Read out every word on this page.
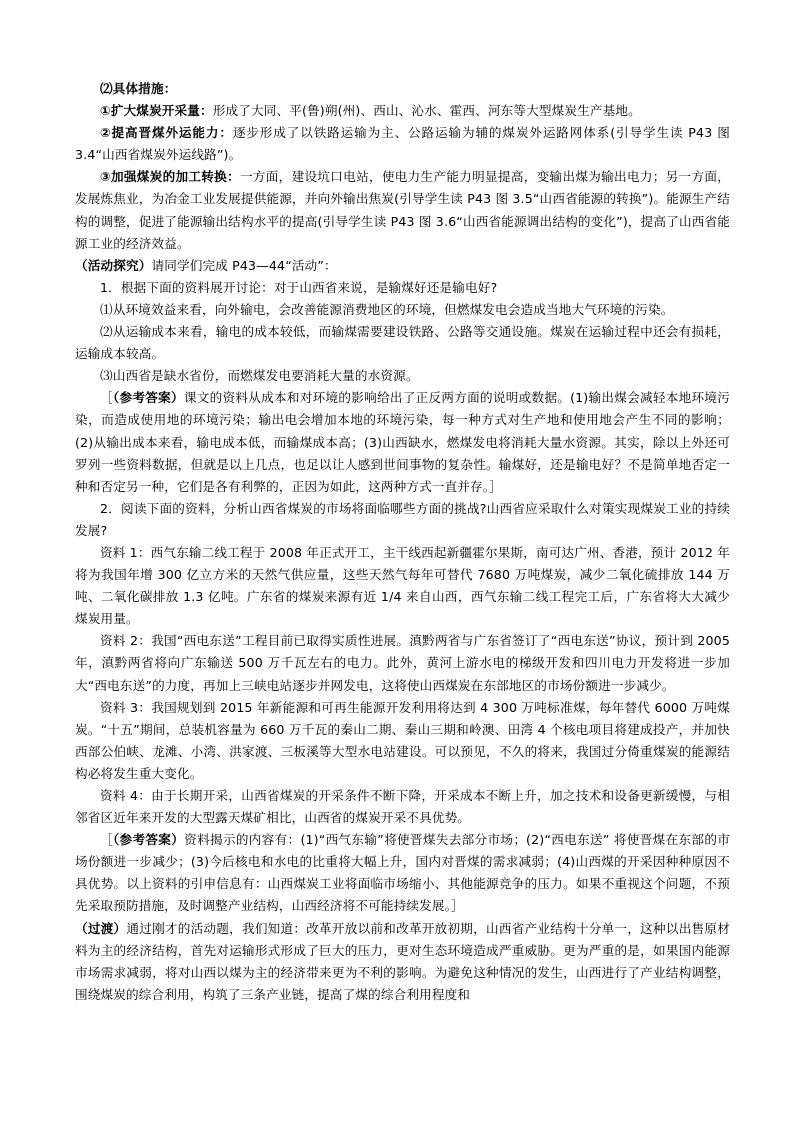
⑵具体措施：

①扩大煤炭开采量：形成了大同、平(鲁)朔(州)、西山、沁水、霍西、河东等大型煤炭生产基地。

②提高晋煤外运能力：逐步形成了以铁路运输为主、公路运输为辅的煤炭外运路网体系(引导学生读 P43 图 3.4“山西省煤炭外运线路”)。

③加强煤炭的加工转换：一方面，建设坑口电站，使电力生产能力明显提高，变输出煤为输出电力；另一方面，发展炼焦业，为冶金工业发展提供能源，并向外输出焦炭(引导学生读 P43 图 3.5“山西省能源的转换”)。能源生产结构的调整，促进了能源输出结构水平的提高(引导学生读 P43 图 3.6“山西省能源调出结构的变化”)，提高了山西省能源工业的经济效益。

（活动探究）请同学们完成 P43—44“活动”：

1．根据下面的资料展开讨论：对于山西省来说，是输煤好还是输电好?

⑴从环境效益来看，向外输电，会改善能源消费地区的环境，但燃煤发电会造成当地大气环境的污染。

⑵从运输成本来看，输电的成本较低，而输煤需要建设铁路、公路等交通设施。煤炭在运输过程中还会有损耗，运输成本较高。

⑶山西省是缺水省份，而燃煤发电要消耗大量的水资源。

［（参考答案）课文的资料从成本和对环境的影响给出了正反两方面的说明或数据。(1)输出煤会减轻本地环境污染，而造成使用地的环境污染；输出电会增加本地的环境污染，每一种方式对生产地和使用地会产生不同的影响；(2)从输出成本来看，输电成本低，而输煤成本高；(3)山西缺水，燃煤发电将消耗大量水资源。其实，除以上外还可罗列一些资料数据，但就是以上几点，也足以让人感到世间事物的复杂性。输煤好，还是输电好？不是简单地否定一种和否定另一种，它们是各有利弊的，正因为如此，这两种方式一直并存。］

2．阅读下面的资料，分析山西省煤炭的市场将面临哪些方面的挑战?山西省应采取什么对策实现煤炭工业的持续发展?

资料 1：西气东输二线工程于 2008 年正式开工，主干线西起新疆霍尔果斯，南可达广州、香港，预计 2012 年将为我国年增 300 亿立方米的天然气供应量，这些天然气每年可替代 7680 万吨煤炭，减少二氧化硫排放 144 万吨、二氧化碳排放 1.3 亿吨。广东省的煤炭来源有近 1/4 来自山西，西气东输二线工程完工后，广东省将大大减少煤炭用量。

资料 2：我国“西电东送”工程目前已取得实质性进展。滇黔两省与广东省签订了“西电东送”协议，预计到 2005 年，滇黔两省将向广东输送 500 万千瓦左右的电力。此外，黄河上游水电的梯级开发和四川电力开发将进一步加大“西电东送”的力度，再加上三峡电站逐步并网发电，这将使山西煤炭在东部地区的市场份额进一步减少。

资料 3：我国规划到 2015 年新能源和可再生能源开发利用将达到 4 300 万吨标准煤，每年替代 6000 万吨煤炭。“十五”期间，总装机容量为 660 万千瓦的秦山二期、秦山三期和岭澳、田湾 4 个核电项目将建成投产，并加快西部公伯峡、龙滩、小湾、洪家渡、三板溪等大型水电站建设。可以预见，不久的将来，我国过分倚重煤炭的能源结构必将发生重大变化。

资料 4：由于长期开采，山西省煤炭的开采条件不断下降，开采成本不断上升，加之技术和设备更新缓慢，与相邻省区近年来开发的大型露天煤矿相比，山西省的煤炭开采不具优势。

［（参考答案）资料揭示的内容有：(1)“西气东输”将使晋煤失去部分市场；(2)“西电东送” 将使晋煤在东部的市场份额进一步减少；(3)今后核电和水电的比重将大幅上升，国内对晋煤的需求减弱；(4)山西煤的开采因种种原因不具优势。以上资料的引申信息有：山西煤炭工业将面临市场缩小、其他能源竞争的压力。如果不重视这个问题，不预先采取预防措施，及时调整产业结构，山西经济将不可能持续发展。］

（过渡）通过刚才的活动题，我们知道：改革开放以前和改革开放初期，山西省产业结构十分单一，这种以出售原材料为主的经济结构，首先对运输形式形成了巨大的压力，更对生态环境造成严重威胁。更为严重的是，如果国内能源市场需求减弱，将对山西以煤为主的经济带来更为不利的影响。为避免这种情况的发生，山西进行了产业结构调整，围绕煤炭的综合利用，构筑了三条产业链，提高了煤的综合利用程度和
